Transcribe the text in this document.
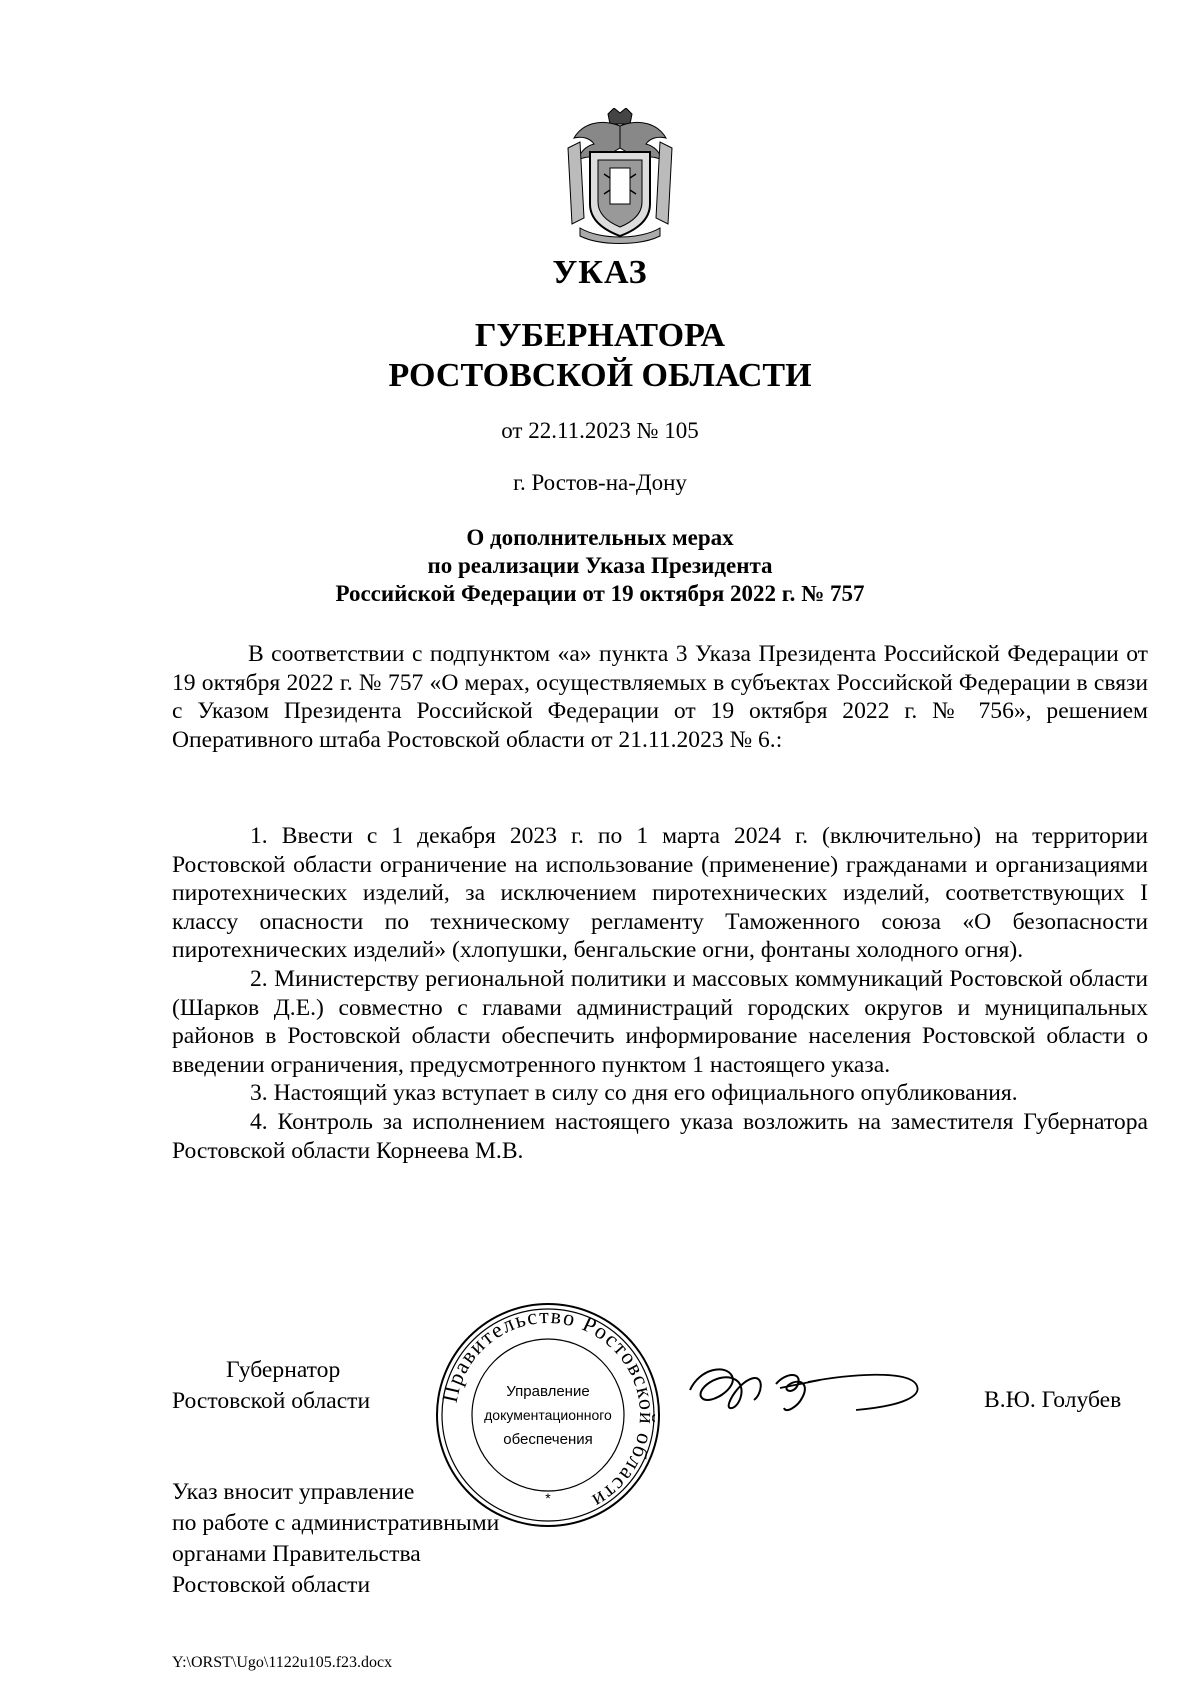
УКАЗ
ГУБЕРНАТОРА
РОСТОВСКОЙ ОБЛАСТИ
от 22.11.2023 № 105
г. Ростов-на-Дону
О дополнительных мерах
по реализации Указа Президента
Российской Федерации от 19 октября 2022 г. № 757

В соответствии с подпунктом «а» пункта 3 Указа Президента Российской Федерации от 19 октября 2022 г. № 757 «О мерах, осуществляемых в субъектах Российской Федерации в связи с Указом Президента Российской Федерации от 19 октября 2022 г. № 756», решением Оперативного штаба Ростовской области от 21.11.2023 № 6.:

1. Ввести с 1 декабря 2023 г. по 1 марта 2024 г. (включительно) на территории Ростовской области ограничение на использование (применение) гражданами и организациями пиротехнических изделий, за исключением пиротехнических изделий, соответствующих I классу опасности по техническому регламенту Таможенного союза «О безопасности пиротехнических изделий» (хлопушки, бенгальские огни, фонтаны холодного огня).

2. Министерству региональной политики и массовых коммуникаций Ростовской области (Шарков Д.Е.) совместно с главами администраций городских округов и муниципальных районов в Ростовской области обеспечить информирование населения Ростовской области о введении ограничения, предусмотренного пунктом 1 настоящего указа.

3. Настоящий указ вступает в силу со дня его официального опубликования.

4. Контроль за исполнением настоящего указа возложить на заместителя Губернатора Ростовской области Корнеева М.В.

Губернатор
Ростовской области	Правительство Ростовской области
Управление
документационного
обеспечения
*
В.Ю. Голубев
Указ вносит управление
по работе с административными
органами Правительства
Ростовской области
Y:\ORST\Ugo\1122u105.f23.docx
